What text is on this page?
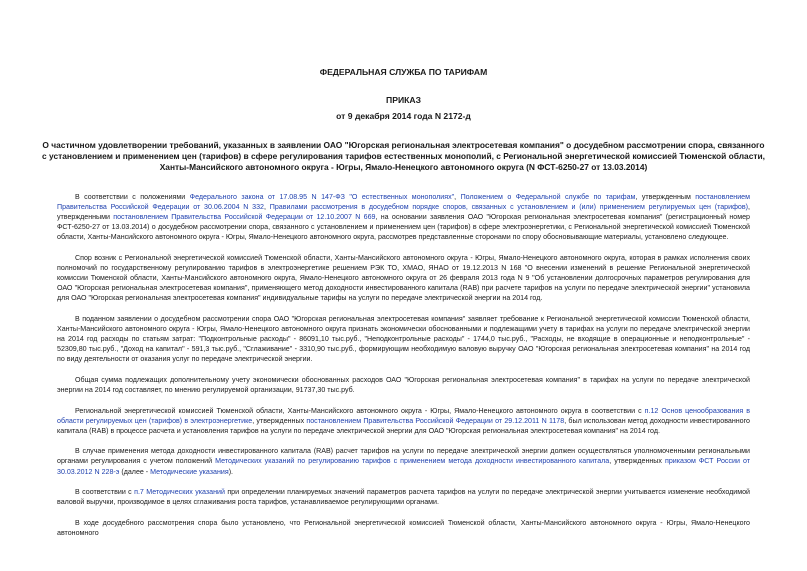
ФЕДЕРАЛЬНАЯ СЛУЖБА ПО ТАРИФАМ
ПРИКАЗ
от 9 декабря 2014 года N 2172-д
О частичном удовлетворении требований, указанных в заявлении ОАО "Югорская региональная электросетевая компания" о досудебном рассмотрении спора, связанного с установлением и применением цен (тарифов) в сфере регулирования тарифов естественных монополий, с Региональной энергетической комиссией Тюменской области, Ханты-Мансийского автономного округа - Югры, Ямало-Ненецкого автономного округа (N ФСТ-6250-27 от 13.03.2014)

В соответствии с положениями Федерального закона от 17.08.95 N 147-ФЗ "О естественных монополиях", Положением о Федеральной службе по тарифам, утвержденным постановлением Правительства Российской Федерации от 30.06.2004 N 332, Правилами рассмотрения в досудебном порядке споров, связанных с установлением и (или) применением регулируемых цен (тарифов), утвержденными постановлением Правительства Российской Федерации от 12.10.2007 N 669, на основании заявления ОАО "Югорская региональная электросетевая компания" (регистрационный номер ФСТ-6250-27 от 13.03.2014) о досудебном рассмотрении спора, связанного с установлением и применением цен (тарифов) в сфере электроэнергетики, с Региональной энергетической комиссией Тюменской области, Ханты-Мансийского автономного округа - Югры, Ямало-Ненецкого автономного округа, рассмотрев представленные сторонами по спору обосновывающие материалы, установлено следующее.

Спор возник с Региональной энергетической комиссией Тюменской области, Ханты-Мансийского автономного округа - Югры, Ямало-Ненецкого автономного округа, которая в рамках исполнения своих полномочий по государственному регулированию тарифов в электроэнергетике решением РЭК ТО, ХМАО, ЯНАО от 19.12.2013 N 168 "О внесении изменений в решение Региональной энергетической комиссии Тюменской области, Ханты-Мансийского автономного округа, Ямало-Ненецкого автономного округа от 26 февраля 2013 года N 9 "Об установлении долгосрочных параметров регулирования для ОАО "Югорская региональная электросетевая компания", применяющего метод доходности инвестированного капитала (RAB) при расчете тарифов на услуги по передаче электрической энергии" установила для ОАО "Югорская региональная электросетевая компания" индивидуальные тарифы на услуги по передаче электрической энергии на 2014 год.

В поданном заявлении о досудебном рассмотрении спора ОАО "Югорская региональная электросетевая компания" заявляет требование к Региональной энергетической комиссии Тюменской области, Ханты-Мансийского автономного округа - Югры, Ямало-Ненецкого автономного округа признать экономически обоснованными и подлежащими учету в тарифах на услуги по передаче электрической энергии на 2014 год расходы по статьям затрат: "Подконтрольные расходы" - 86091,10 тыс.руб., "Неподконтрольные расходы" - 1744,0 тыс.руб., "Расходы, не входящие в операционные и неподконтрольные" - 52309,80 тыс.руб., "Доход на капитал" - 591,3 тыс.руб., "Сглаживание" - 3310,90 тыс.руб., формирующим необходимую валовую выручку ОАО "Югорская региональная электросетевая компания" на 2014 год по виду деятельности от оказания услуг по передаче электрической энергии.

Общая сумма подлежащих дополнительному учету экономически обоснованных расходов ОАО "Югорская региональная электросетевая компания" в тарифах на услуги по передаче электрической энергии на 2014 год составляет, по мнению регулируемой организации, 91737,30 тыс.руб.

Региональной энергетической комиссией Тюменской области, Ханты-Мансийского автономного округа - Югры, Ямало-Ненецкого автономного округа в соответствии с п.12 Основ ценообразования в области регулируемых цен (тарифов) в электроэнергетике, утвержденных постановлением Правительства Российской Федерации от 29.12.2011 N 1178, был использован метод доходности инвестированного капитала (RAB) в процессе расчета и установления тарифов на услуги по передаче электрической энергии для ОАО "Югорская региональная электросетевая компания" на 2014 год.

В случае применения метода доходности инвестированного капитала (RAB) расчет тарифов на услуги по передаче электрической энергии должен осуществляться уполномоченными региональными органами регулирования с учетом положений Методических указаний по регулированию тарифов с применением метода доходности инвестированного капитала, утвержденных приказом ФСТ России от 30.03.2012 N 228-э (далее - Методические указания).

В соответствии с п.7 Методических указаний при определении планируемых значений параметров расчета тарифов на услуги по передаче электрической энергии учитывается изменение необходимой валовой выручки, производимое в целях сглаживания роста тарифов, устанавливаемое регулирующими органами.

В ходе досудебного рассмотрения спора было установлено, что Региональной энергетической комиссией Тюменской области, Ханты-Мансийского автономного округа - Югры, Ямало-Ненецкого автономного
